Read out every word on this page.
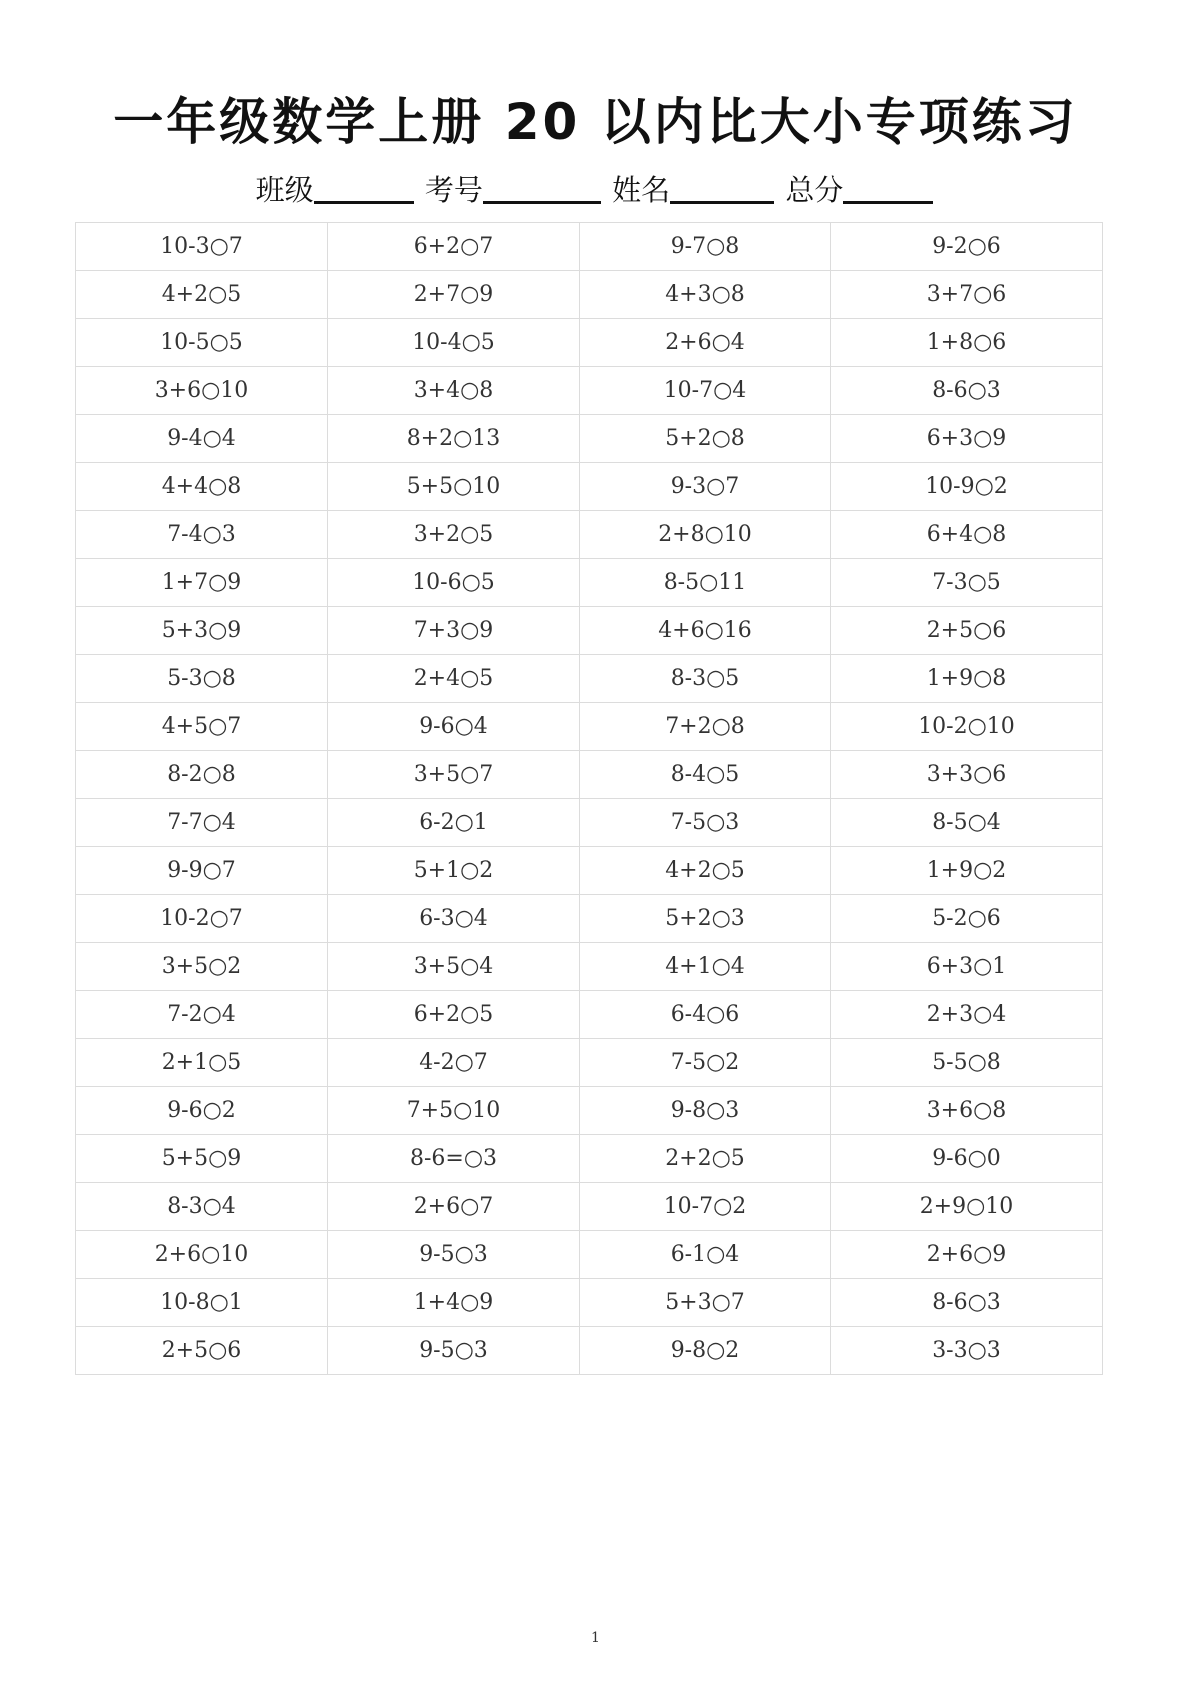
一年级数学上册 20 以内比大小专项练习
班级	考号	姓名	总分
10-3○7	6+2○7	9-7○8	9-2○6
4+2○5	2+7○9	4+3○8	3+7○6
10-5○5	10-4○5	2+6○4	1+8○6
3+6○10	3+4○8	10-7○4	8-6○3
9-4○4	8+2○13	5+2○8	6+3○9
4+4○8	5+5○10	9-3○7	10-9○2
7-4○3	3+2○5	2+8○10	6+4○8
1+7○9	10-6○5	8-5○11	7-3○5
5+3○9	7+3○9	4+6○16	2+5○6
5-3○8	2+4○5	8-3○5	1+9○8
4+5○7	9-6○4	7+2○8	10-2○10
8-2○8	3+5○7	8-4○5	3+3○6
7-7○4	6-2○1	7-5○3	8-5○4
9-9○7	5+1○2	4+2○5	1+9○2
10-2○7	6-3○4	5+2○3	5-2○6
3+5○2	3+5○4	4+1○4	6+3○1
7-2○4	6+2○5	6-4○6	2+3○4
2+1○5	4-2○7	7-5○2	5-5○8
9-6○2	7+5○10	9-8○3	3+6○8
5+5○9	8-6=○3	2+2○5	9-6○0
8-3○4	2+6○7	10-7○2	2+9○10
2+6○10	9-5○3	6-1○4	2+6○9
10-8○1	1+4○9	5+3○7	8-6○3
2+5○6	9-5○3	9-8○2	3-3○3
1
